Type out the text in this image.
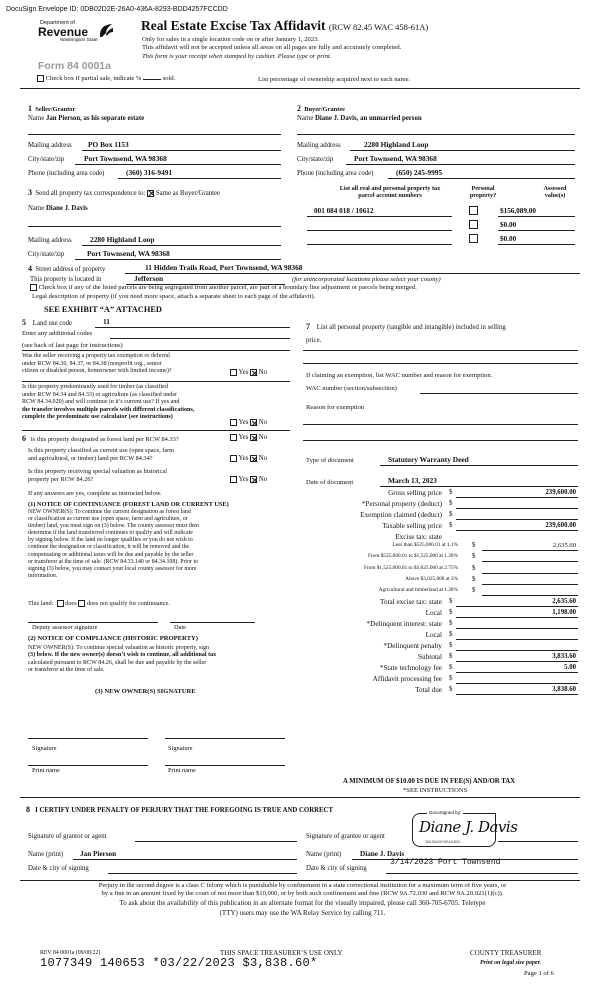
DocuSign Envelope ID: 0DB02D2E-26A0-436A-8293-BDD4257FCCDD
Department of
Revenue
Washington State
Form 84 0001a
Real Estate Excise Tax Affidavit (RCW 82.45 WAC 458-61A)
Only for sales in a single location code on or after January 1, 2023.
This affidavit will not be accepted unless all areas on all pages are fully and accurately completed.
This form is your receipt when stamped by cashier. Please type or print.
Check box if partial sale, indicate %	sold.	List percentage of ownership acquired next to each name.
1 Seller/Grantor
Name Jan Pierson, as his separate estate
Mailing address PO Box 1153
City/state/zip	Port Townsend, WA 98368
Phone (including area code)	(360) 316-9491
2 Buyer/Grantee
Name Diane J. Davis, an unmarried person
Mailing address	2280 Highland Loop
City/state/zip	Port Townsend, WA 98368
Phone (including area code)	(650) 245-9995
3 Send all property tax correspondence to: Same as Buyer/Grantee
Name Diane J. Davis
Mailing address 2280 Highland Loop
City/state/zip	Port Townsend, WA 98368
List all real and personal property tax
parcel account numbers
Personal
property?
Assessed
value(s)
001 084 018 / 10612	$156,089.00
$0.00
$0.00
4 Street address of property	11 Hidden Trails Road, Port Townsend, WA 98368
This property is located in	Jefferson	(for unincorporated locations please select your county)
Check box if any of the listed parcels are being segregated from another parcel, are part of a boundary line adjustment or parcels being merged.
Legal description of property (if you need more space, attach a separate sheet to each page of the affidavit).
SEE EXHIBIT “A” ATTACHED
5 Land use code	11
Enter any additional codes
(see back of last page for instructions)
Was the seller receiving a property tax exemption or deferral
under RCW 84.36, 84.37, or 84.38 (nonprofit org., senior
citizen or disabled person, homeowner with limited income)?	Yes No
Is this property predominantly used for timber (as classified
under RCW 84.34 and 84.33) or agriculture (as classified under
RCW 84.34.020) and will continue in it’s current use? If yes and
the transfer involves multiple parcels with different classifications,
complete the predominate use calculator (see instructions)
Yes No
6 Is this property designated as forest land per RCW 84.33?	Yes No
Is this property classified as current use (open space, farm
and agricultural, or timber) land per RCW 84.34?	Yes No
Is this property receiving special valuation as historical
property per RCW 84.26?	Yes No
If any answers are yes, complete as instructed below.
(1) NOTICE OF CONTINUANCE (FOREST LAND OR CURRENT USE)
NEW OWNER(S): To continue the current designation as forest land
or classification as current use (open space, farm and agriculture, or
timber) land, you must sign on (3) below. The county assessor must then
determine if the land transferred continues to qualify and will indicate
by signing below. If the land no longer qualifies or you do not wish to
continue the designation or classification, it will be removed and the
compensating or additional taxes will be due and payable by the seller
or transferor at the time of sale. (RCW 84.33.140 or 84.34.108). Prior to
signing (3) below, you may contact your local county assessor for more
information.
This land: does does not qualify for continuance.
Deputy assessor signature	Date
(2) NOTICE OF COMPLIANCE (HISTORIC PROPERTY)
NEW OWNER(S): To continue special valuation as historic property, sign
(3) below. If the new owner(s) doesn’t wish to continue, all additional tax
calculated pursuant to RCW 84.26, shall be due and payable by the seller
or transferor at the time of sale.
(3) NEW OWNER(S) SIGNATURE
Signature	Signature
Print name	Print name
7 List all personal property (tangible and intangible) included in selling
price.
If claiming an exemption, list WAC number and reason for exemption.
WAC number (section/subsection)
Reason for exemption
Type of document	Statutory Warranty Deed
Date of document	March 13, 2023
Gross selling price $	239,600.00
*Personal property (deduct) $
Exemption claimed (deduct) $
Taxable selling price $	239,600.00
Excise tax: state
Less than $525,000.01 at 1.1% $	2,635.60
From $525,000.01 to $1,525,000 at 1.28% $
From $1,525,000.01 to $3,025,000 at 2.75% $
Above $3,025,000 at 3% $
Agricultural and timberland at 1.28% $
Total excise tax: state $	2,635.60
Local $	1,198.00
*Delinquent interest: state $
Local $
*Delinquent penalty $
Subtotal $	3,833.60
*State technology fee $	5.00
Affidavit processing fee $
Total due $	3,838.60
A MINIMUM OF $10.00 IS DUE IN FEE(S) AND/OR TAX
*SEE INSTRUCTIONS
8 I CERTIFY UNDER PENALTY OF PERJURY THAT THE FOREGOING IS TRUE AND CORRECT
Signature of grantor or agent	Signature of grantee or agent
DocuSigned by:
Diane J. Davis
1B15A6DFAEA04B2...
Name (print) Jan Pierson	Name (print)	Diane J. Davis
Date & city of signing	Date & city of signing
3/14/2023 Port Townsend
Perjury in the second degree is a class C felony which is punishable by confinement in a state correctional institution for a maximum term of five years, or
by a fine in an amount fixed by the court of not more than $10,000, or by both such confinement and fine (RCW 9A.72.030 and RCW 9A.20.021(1)(c)).
To ask about the availability of this publication in an alternate format for the visually impaired, please call 360-705-6705. Teletype
(TTY) users may use the WA Relay Service by calling 711.
REV 84 0001a (09/08/22)	THIS SPACE TREASURER’S USE ONLY
1077349 140653 *03/22/2023 $3,838.60*
COUNTY TREASURER
Print on legal size paper.
Page 1 of 6
